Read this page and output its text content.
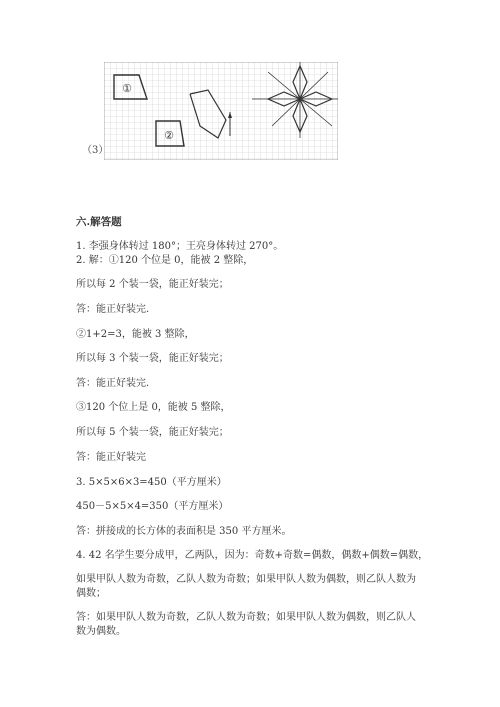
①
②
（3）
六.解答题
1. 李强身体转过 180°；王亮身体转过 270°。
2. 解：①120 个位是 0，能被 2 整除，
所以每 2 个装一袋，能正好装完；
答：能正好装完.
②1+2=3，能被 3 整除，
所以每 3 个装一袋，能正好装完；
答：能正好装完.
③120 个位上是 0，能被 5 整除，
所以每 5 个装一袋，能正好装完；
答：能正好装完
3. 5×5×6×3=450（平方厘米）
450－5×5×4=350（平方厘米）
答：拼接成的长方体的表面积是 350 平方厘米。
4. 42 名学生要分成甲，乙两队，因为：奇数+奇数=偶数，偶数+偶数=偶数，
如果甲队人数为奇数，乙队人数为奇数；如果甲队人数为偶数，则乙队人数为
偶数；
答：如果甲队人数为奇数，乙队人数为奇数；如果甲队人数为偶数，则乙队人
数为偶数。
